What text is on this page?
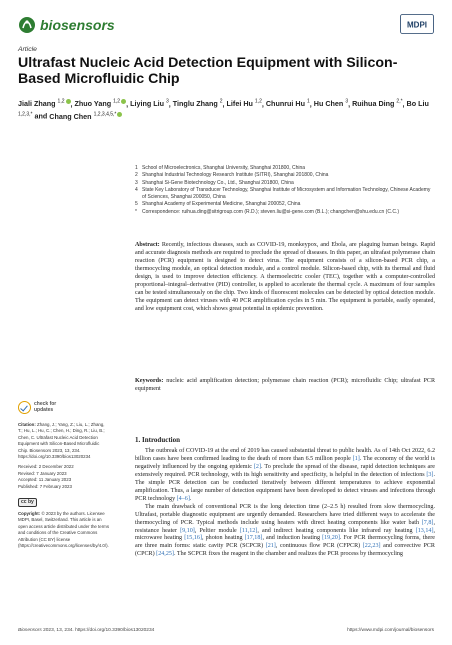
biosensors	MDPI
Article
Ultrafast Nucleic Acid Detection Equipment with Silicon-Based Microfluidic Chip
Jiali Zhang $^{1,2}$ , Zhuo Yang $^{1,2}$ , Liying Liu $^3$, Tinglu Zhang $^2$, Lifei Hu $^{1,2}$, Chunrui Hu $^1$, Hu Chen $^3$, Ruihua Ding $^{2,*}$, Bo Liu $^{1,2,3,*}$ and Chang Chen $^{1,2,3,4,5,*}$
1 School of Microelectronics, Shanghai University, Shanghai 201800, China
2 Shanghai Industrial Technology Research Institute (SITRI), Shanghai 201800, China
3 Shanghai Si-Gene Biotechnology Co., Ltd., Shanghai 201800, China
4 State Key Laboratory of Transducer Technology, Shanghai Institute of Microsystem and Information Technology, Chinese Academy of Sciences, Shanghai 200050, China
5 Shanghai Academy of Experimental Medicine, Shanghai 200052, China
*	Correspondence: ruihua.ding@sitrigroup.com (R.D.); steven.liu@si-gene.com (B.L.); changchen@shu.edu.cn (C.C.)

Abstract: Recently, infectious diseases, such as COVID-19, monkeypox, and Ebola, are plaguing human beings. Rapid and accurate diagnosis methods are required to preclude the spread of diseases. In this paper, an ultrafast polymerase chain reaction (PCR) equipment is designed to detect virus. The equipment consists of a silicon-based PCR chip, a thermocycling module, an optical detection module, and a control module. Silicon-based chip, with its thermal and fluid design, is used to improve detection efficiency. A thermoelectric cooler (TEC), together with a computer-controlled proportional–integral–derivative (PID) controller, is applied to accelerate the thermal cycle. A maximum of four samples can be tested simultaneously on the chip. Two kinds of fluorescent molecules can be detected by optical detection module. The equipment can detect viruses with 40 PCR amplification cycles in 5 min. The equipment is portable, easily operated, and low equipment cost, which shows great potential in epidemic prevention.

Keywords: nucleic acid amplification detection; polymerase chain reaction (PCR); microfluidic Chip; ultrafast PCR equipment

check for
updates
Citation: Zhang, J.; Yang, Z.; Liu, L.; Zhang, T.; Hu, L.; Hu, C.; Chen, H.; Ding, R.; Liu, B.; Chen, C. Ultrafast Nucleic Acid Detection Equipment with Silicon-Based Microfluidic Chip. Biosensors 2023, 13, 234. https://doi.org/10.3390/bios13020234
Received: 2 December 2022
Revised: 7 January 2023
Accepted: 11 January 2023
Published: 7 February 2023
cc by
Copyright: © 2023 by the authors. Licensee MDPI, Basel, Switzerland. This article is an open access article distributed under the terms and conditions of the Creative Commons Attribution (CC BY) license (https://creativecommons.org/licenses/by/4.0/).
1. Introduction

The outbreak of COVID-19 at the end of 2019 has caused substantial threat to public health. As of 14th Oct 2022, 6.2 billion cases have been confirmed leading to the death of more than 6.5 million people [1]. The economy of the world is negatively influenced by the ongoing epidemic [2]. To preclude the spread of the disease, rapid detection techniques are extensively required. PCR technology, with its high sensitivity and specificity, is helpful in the detection of infections [3]. The simple PCR detection can be conducted iteratively between different temperatures to achieve exponential amplification. Thus, a large number of detection equipment have been developed to detect viruses and infections through PCR technology [4–6].

The main drawback of conventional PCR is the long detection time (2–2.5 h) resulted from slow thermocycling. Ultrafast, portable diagnostic equipment are urgently demanded. Researchers have tried different ways to accelerate the thermocycling of PCR. Typical methods include using heaters with direct heating components like water bath [7,8], resistance heater [9,10], Peltier module [11,12], and indirect heating components like infrared ray heating [13,14], microwave heating [15,16], photon heating [17,18], and induction heating [19,20]. For PCR thermocycling forms, there are three main forms: static cavity PCR (SCPCR) [21], continuous flow PCR (CFPCR) [22,23] and convective PCR (CPCR) [24,25]. The SCPCR fixes the reagent in the chamber and realizes the PCR process by thermocycling

Biosensors 2023, 13, 234. https://doi.org/10.3390/bios13020234	https://www.mdpi.com/journal/biosensors
